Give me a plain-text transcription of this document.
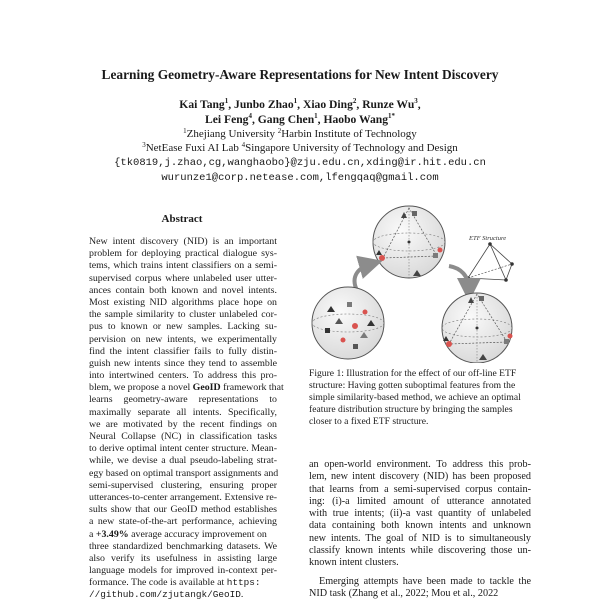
Learning Geometry-Aware Representations for New Intent Discovery
Kai Tang$^1$, Junbo Zhao$^1$, Xiao Ding$^2$, Runze Wu$^3$,
Lei Feng$^4$, Gang Chen$^1$, Haobo Wang$^{1*}$
$^1$Zhejiang University $^2$Harbin Institute of Technology
$^3$NetEase Fuxi AI Lab $^4$Singapore University of Technology and Design
{tk0819,j.zhao,cg,wanghaobo}@zju.edu.cn,xding@ir.hit.edu.cn
wurunze1@corp.netease.com,lfengqaq@gmail.com
Abstract
New intent discovery (NID) is an important
problem for deploying practical dialogue sys-
tems, which trains intent classifiers on a semi-
supervised corpus where unlabeled user utter-
ances contain both known and novel intents.
Most existing NID algorithms place hope on
the sample similarity to cluster unlabeled cor-
pus to known or new samples. Lacking su-
pervision on new intents, we experimentally
find the intent classifier fails to fully distin-
guish new intents since they tend to assemble
into intertwined centers. To address this pro-
blem, we propose a novel GeoID framework that
learns geometry-aware representations to
maximally separate all intents. Specifically,
we are motivated by the recent findings on
Neural Collapse (NC) in classification tasks
to derive optimal intent center structure. Mean-
while, we devise a dual pseudo-labeling strat-
egy based on optimal transport assignments and
semi-supervised clustering, ensuring proper
utterances-to-center arrangement. Extensive re-
sults show that our GeoID method establishes
a new state-of-the-art performance, achieving
a +3.49% average accuracy improvement on
three standardized benchmarking datasets. We
also verify its usefulness in assisting large
language models for improved in-context per-
formance. The code is available at https:
//github.com/zjutangk/GeoID.
ETF Structure
Figure 1: Illustration for the effect of our off-line ETF
structure: Having gotten suboptimal features from the
simple similarity-based method, we achieve an optimal
feature distribution structure by bringing the samples
closer to a fixed ETF structure.
an open-world environment. To address this prob-
lem, new intent discovery (NID) has been proposed
that learns from a semi-supervised corpus contain-
ing: (i)-a limited amount of utterance annotated
with true intents; (ii)-a vast quantity of unlabeled
data containing both known intents and unknown
new intents. The goal of NID is to simultaneously
classify known intents while discovering those un-
known intent clusters.
Emerging attempts have been made to tackle the
NID task (Zhang et al., 2022; Mou et al., 2022
